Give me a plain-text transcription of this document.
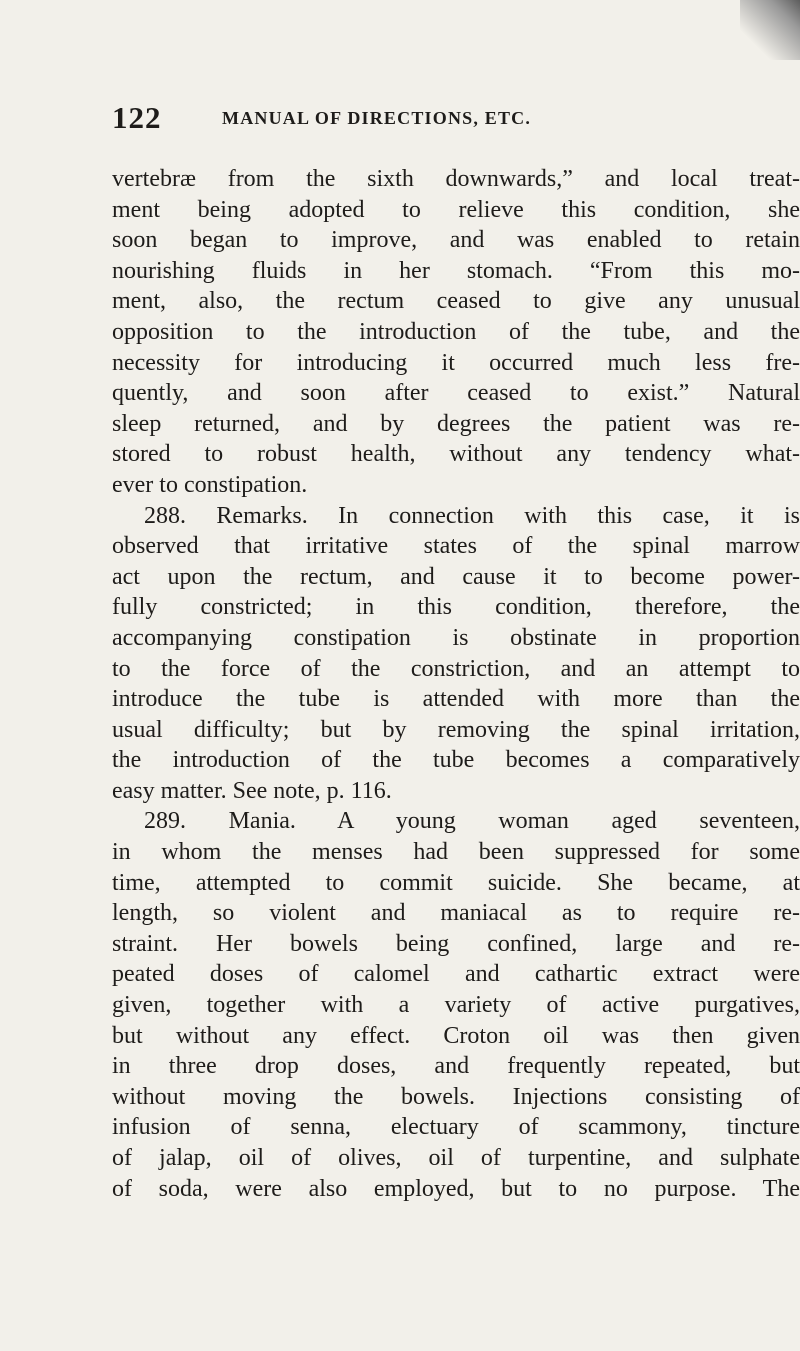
122	MANUAL OF DIRECTIONS, ETC.
vertebræ from the sixth downwards,” and local treat-
ment being adopted to relieve this condition, she
soon began to improve, and was enabled to retain
nourishing fluids in her stomach. “From this mo-
ment, also, the rectum ceased to give any unusual
opposition to the introduction of the tube, and the
necessity for introducing it occurred much less fre-
quently, and soon after ceased to exist.” Natural
sleep returned, and by degrees the patient was re-
stored to robust health, without any tendency what-
ever to constipation.
288. Remarks. In connection with this case, it is
observed that irritative states of the spinal marrow
act upon the rectum, and cause it to become power-
fully constricted; in this condition, therefore, the
accompanying constipation is obstinate in proportion
to the force of the constriction, and an attempt to
introduce the tube is attended with more than the
usual difficulty; but by removing the spinal irritation,
the introduction of the tube becomes a comparatively
easy matter. See note, p. 116.
289. Mania. A young woman aged seventeen,
in whom the menses had been suppressed for some
time, attempted to commit suicide. She became, at
length, so violent and maniacal as to require re-
straint. Her bowels being confined, large and re-
peated doses of calomel and cathartic extract were
given, together with a variety of active purgatives,
but without any effect. Croton oil was then given
in three drop doses, and frequently repeated, but
without moving the bowels. Injections consisting of
infusion of senna, electuary of scammony, tincture
of jalap, oil of olives, oil of turpentine, and sulphate
of soda, were also employed, but to no purpose. The
